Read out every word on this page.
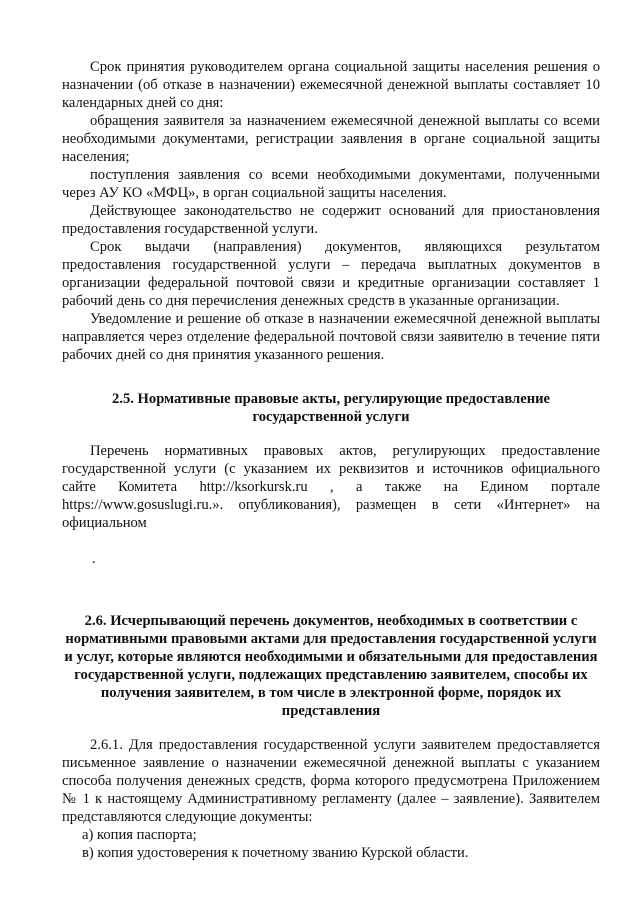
Срок принятия руководителем органа социальной защиты населения решения о назначении (об отказе в назначении) ежемесячной денежной выплаты составляет 10 календарных дней со дня:

обращения заявителя за назначением ежемесячной денежной выплаты со всеми необходимыми документами, регистрации заявления в органе социальной защиты населения;

поступления заявления со всеми необходимыми документами, полученными через АУ КО «МФЦ», в орган социальной защиты населения.

Действующее законодательство не содержит оснований для приостановления предоставления государственной услуги.

Срок выдачи (направления) документов, являющихся результатом предоставления государственной услуги – передача выплатных документов в организации федеральной почтовой связи и кредитные организации составляет 1 рабочий день со дня перечисления денежных средств в указанные организации.

Уведомление и решение об отказе в назначении ежемесячной денежной выплаты направляется через отделение федеральной почтовой связи заявителю в течение пяти рабочих дней со дня принятия указанного решения.

2.5. Нормативные правовые акты, регулирующие предоставление государственной услуги

Перечень нормативных правовых актов, регулирующих предоставление государственной услуги (с указанием их реквизитов и источников официального сайте Комитета http://ksorkursk.ru , а также на Едином портале https://www.gosuslugi.ru.». опубликования), размещен в сети «Интернет» на официальном

.
2.6. Исчерпывающий перечень документов, необходимых в соответствии с нормативными правовыми актами для предоставления государственной услуги и услуг, которые являются необходимыми и обязательными для предоставления государственной услуги, подлежащих представлению заявителем, способы их получения заявителем, в том числе в электронной форме, порядок их представления

2.6.1. Для предоставления государственной услуги заявителем предоставляется письменное заявление о назначении ежемесячной денежной выплаты с указанием способа получения денежных средств, форма которого предусмотрена Приложением № 1 к настоящему Административному регламенту (далее – заявление). Заявителем представляются следующие документы:

а) копия паспорта;

в) копия удостоверения к почетному званию Курской области.
